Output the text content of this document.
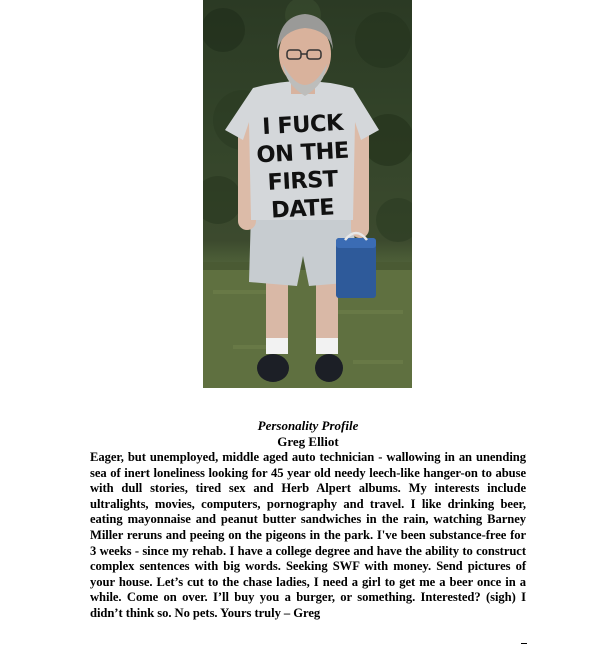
I FUCK
ON THE
FIRST
DATE

Personality Profile

Greg Elliot

Eager, but unemployed, middle aged auto technician - wallowing in an unending sea of inert loneliness looking for 45 year old needy leech-like hanger-on to abuse with dull stories, tired sex and Herb Alpert albums. My interests include ultralights, movies, computers, pornography and travel. I like drinking beer, eating mayonnaise and peanut butter sandwiches in the rain, watching Barney Miller reruns and peeing on the pigeons in the park. I've been substance-free for 3 weeks - since my rehab. I have a college degree and have the ability to construct complex sentences with big words. Seeking SWF with money. Send pictures of your house. Let’s cut to the chase ladies, I need a girl to get me a beer once in a while. Come on over. I’ll buy you a burger, or something. Interested? (sigh) I didn’t think so. No pets. Yours truly – Greg
